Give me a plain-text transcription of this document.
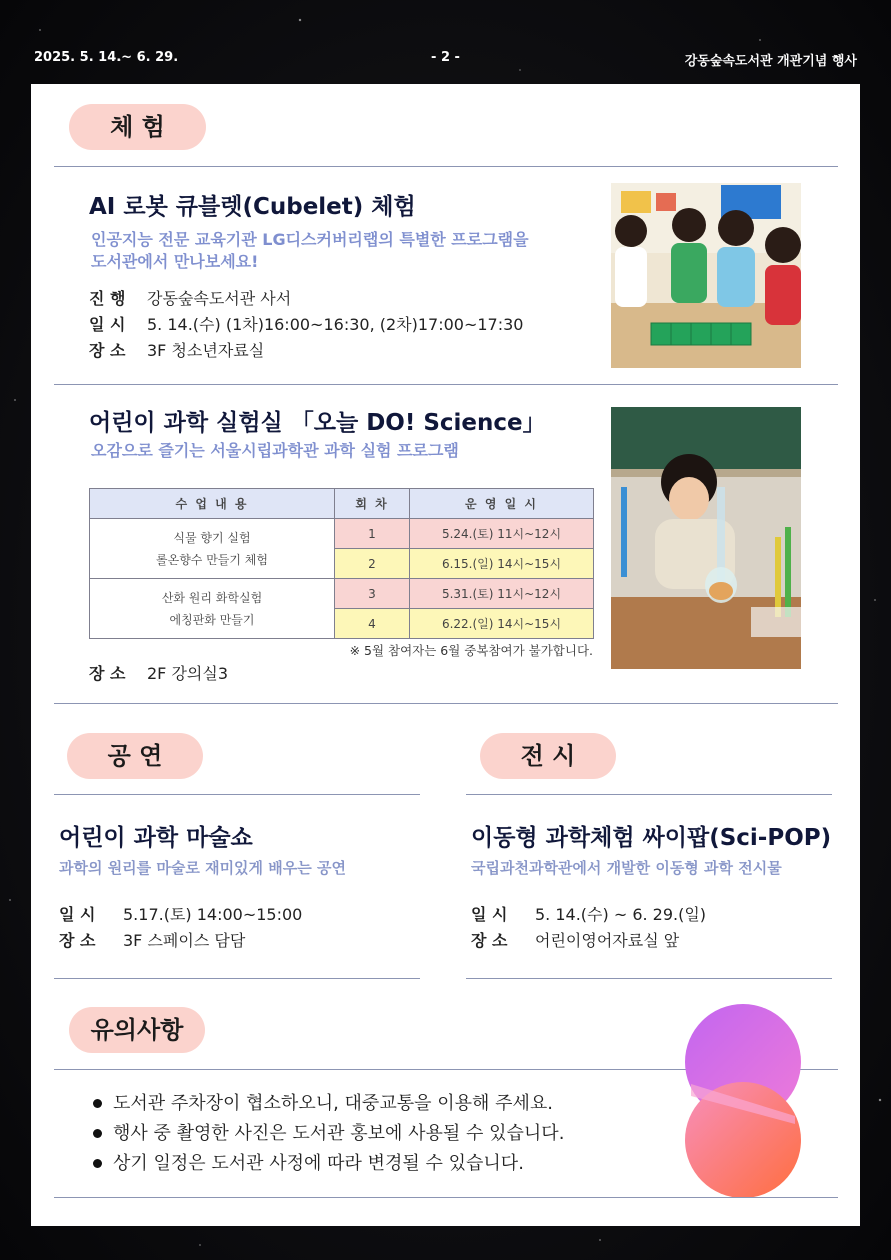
2025. 5. 14.~ 6. 29.	- 2 -	강동숲속도서관 개관기념 행사
체 험
AI 로봇 큐블렛(Cubelet) 체험
인공지능 전문 교육기관 LG디스커버리랩의 특별한 프로그램을
도서관에서 만나보세요!
진 행 강동숲속도서관 사서
일 시 5. 14.(수) (1차)16:00~16:30, (2차)17:00~17:30
장 소 3F 청소년자료실
어린이 과학 실험실 「오늘 DO! Science」
오감으로 즐기는 서울시립과학관 과학 실험 프로그램
수 업 내 용	회 차	운 영 일 시

식물 향기 실험
롤온향수 만들기 체험	1	5.24.(토) 11시~12시
	2	6.15.(일) 14시~15시

산화 원리 화학실험
에칭판화 만들기	3	5.31.(토) 11시~12시
	4	6.22.(일) 14시~15시
※ 5월 참여자는 6월 중복참여가 불가합니다.
장 소 2F 강의실3
공 연	전 시
어린이 과학 마술쇼
과학의 원리를 마술로 재미있게 배우는 공연
일 시 5.17.(토) 14:00~15:00
장 소 3F 스페이스 담담
이동형 과학체험 싸이팝(Sci-POP)
국립과천과학관에서 개발한 이동형 과학 전시물
일 시 5. 14.(수) ~ 6. 29.(일)
장 소 어린이영어자료실 앞
유의사항
도서관 주차장이 협소하오니, 대중교통을 이용해 주세요.
행사 중 촬영한 사진은 도서관 홍보에 사용될 수 있습니다.
상기 일정은 도서관 사정에 따라 변경될 수 있습니다.
